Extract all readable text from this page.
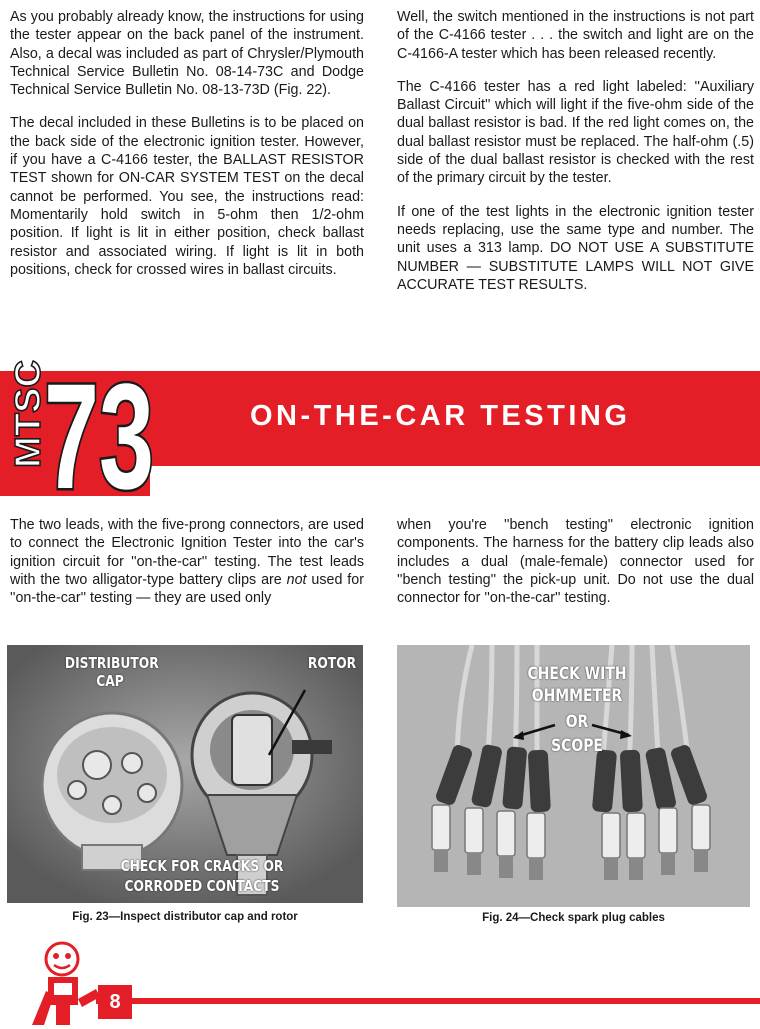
As you probably already know, the instructions for using the tester appear on the back panel of the instrument. Also, a decal was included as part of Chrysler/Plymouth Technical Service Bulletin No. 08-14-73C and Dodge Technical Service Bulletin No. 08-13-73D (Fig. 22).

The decal included in these Bulletins is to be placed on the back side of the electronic ignition tester. However, if you have a C-4166 tester, the BALLAST RESISTOR TEST shown for ON-CAR SYSTEM TEST on the decal cannot be performed. You see, the instructions read: Momentarily hold switch in 5-ohm then 1/2-ohm position. If light is lit in either position, check ballast resistor and associated wiring. If light is lit in both positions, check for crossed wires in ballast circuits.

Well, the switch mentioned in the instructions is not part of the C-4166 tester . . . the switch and light are on the C-4166-A tester which has been released recently.

The C-4166 tester has a red light labeled: ''Auxiliary Ballast Circuit'' which will light if the five-ohm side of the dual ballast resistor is bad. If the red light comes on, the dual ballast resistor must be replaced. The half-ohm (.5) side of the dual ballast resistor is checked with the rest of the primary circuit by the tester.

If one of the test lights in the electronic ignition tester needs replacing, use the same type and number. The unit uses a 313 lamp. DO NOT USE A SUBSTITUTE NUMBER — SUBSTITUTE LAMPS WILL NOT GIVE ACCURATE TEST RESULTS.

MTSC
73	ON-THE-CAR TESTING

The two leads, with the five-prong connectors, are used to connect the Electronic Ignition Tester into the car's ignition circuit for ''on-the-car'' testing. The test leads with the two alligator-type battery clips are not used for ''on-the-car'' testing — they are used only

when you're ''bench testing'' electronic ignition components. The harness for the battery clip leads also includes a dual (male-female) connector used for ''bench testing'' the pick-up unit. Do not use the dual connector for ''on-the-car'' testing.

DISTRIBUTOR CAP
ROTOR
CHECK FOR CRACKS OR
CORRODED CONTACTS
Fig. 23—Inspect distributor cap and rotor
CHECK WITH
OHMMETER
OR
SCOPE
Fig. 24—Check spark plug cables
8
